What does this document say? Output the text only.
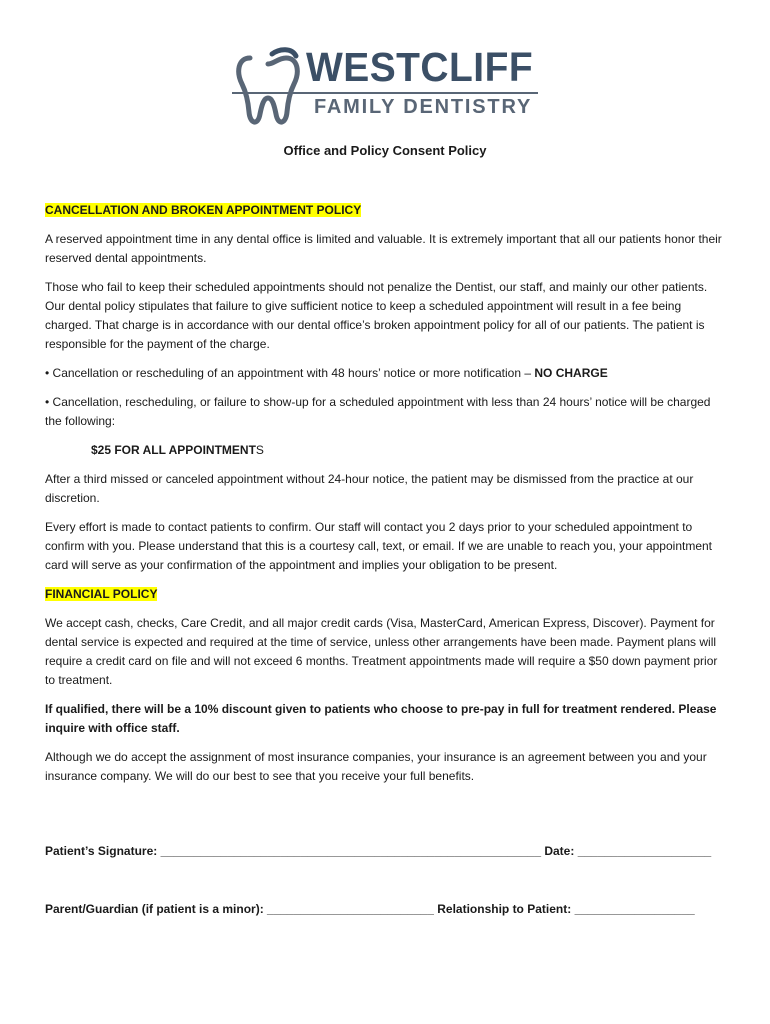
WESTCLIFF
FAMILY DENTISTRY
Office and Policy Consent Policy

CANCELLATION AND BROKEN APPOINTMENT POLICY

A reserved appointment time in any dental office is limited and valuable. It is extremely important that all our patients honor their reserved dental appointments.

Those who fail to keep their scheduled appointments should not penalize the Dentist, our staff, and mainly our other patients. Our dental policy stipulates that failure to give sufficient notice to keep a scheduled appointment will result in a fee being charged. That charge is in accordance with our dental office’s broken appointment policy for all of our patients. The patient is responsible for the payment of the charge.

• Cancellation or rescheduling of an appointment with 48 hours’ notice or more notification – NO CHARGE

• Cancellation, rescheduling, or failure to show-up for a scheduled appointment with less than 24 hours’ notice will be charged the following:

$25 FOR ALL APPOINTMENTS

After a third missed or canceled appointment without 24-hour notice, the patient may be dismissed from the practice at our discretion.

Every effort is made to contact patients to confirm. Our staff will contact you 2 days prior to your scheduled appointment to confirm with you. Please understand that this is a courtesy call, text, or email. If we are unable to reach you, your appointment card will serve as your confirmation of the appointment and implies your obligation to be present.

FINANCIAL POLICY

We accept cash, checks, Care Credit, and all major credit cards (Visa, MasterCard, American Express, Discover). Payment for dental service is expected and required at the time of service, unless other arrangements have been made. Payment plans will require a credit card on file and will not exceed 6 months. Treatment appointments made will require a $50 down payment prior to treatment.

If qualified, there will be a 10% discount given to patients who choose to pre-pay in full for treatment rendered. Please inquire with office staff.

Although we do accept the assignment of most insurance companies, your insurance is an agreement between you and your insurance company. We will do our best to see that you receive your full benefits.

Patient’s Signature: _________________________________________________________ Date: ____________________
Parent/Guardian (if patient is a minor): _________________________ Relationship to Patient: __________________
